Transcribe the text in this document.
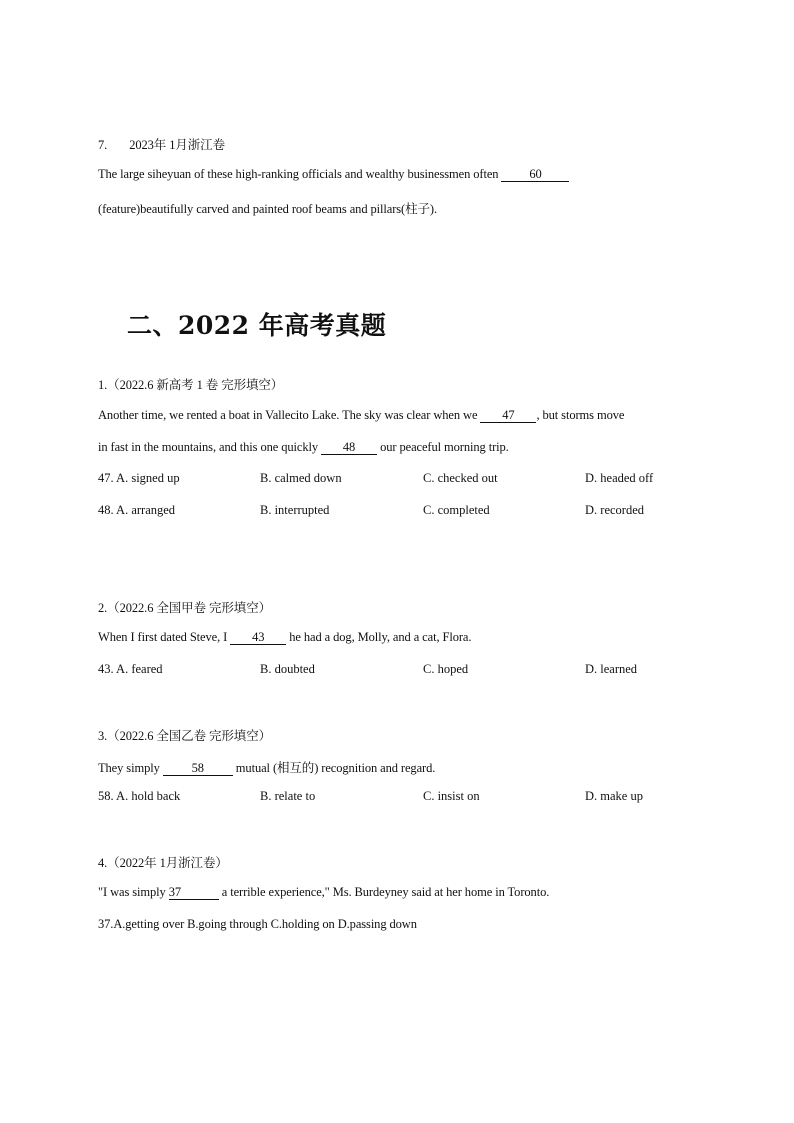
7. 2023年 1月浙江卷
The large siheyuan of these high-ranking officials and wealthy businessmen often 60
(feature)beautifully carved and painted roof beams and pillars(柱子).
二、2022 年高考真题
1.（2022.6 新高考 1 卷 完形填空）
Another time, we rented a boat in Vallecito Lake. The sky was clear when we 47 , but storms move
in fast in the mountains, and this one quickly 48 our peaceful morning trip.
47. A. signed up	B. calmed down	C. checked out	D. headed off
48. A. arranged	B. interrupted	C. completed	D. recorded
2.（2022.6 全国甲卷 完形填空）
When I first dated Steve, I 43 he had a dog, Molly, and a cat, Flora.
43. A. feared	B. doubted	C. hoped	D. learned
3.（2022.6 全国乙卷 完形填空）
They simply 58 mutual (相互的) recognition and regard.
58. A. hold back	B. relate to	C. insist on	D. make up
4.（2022年 1月浙江卷）
"I was simply 37	a terrible experience," Ms. Burdeyney said at her home in Toronto.
37.A.getting over B.going through C.holding on D.passing down
